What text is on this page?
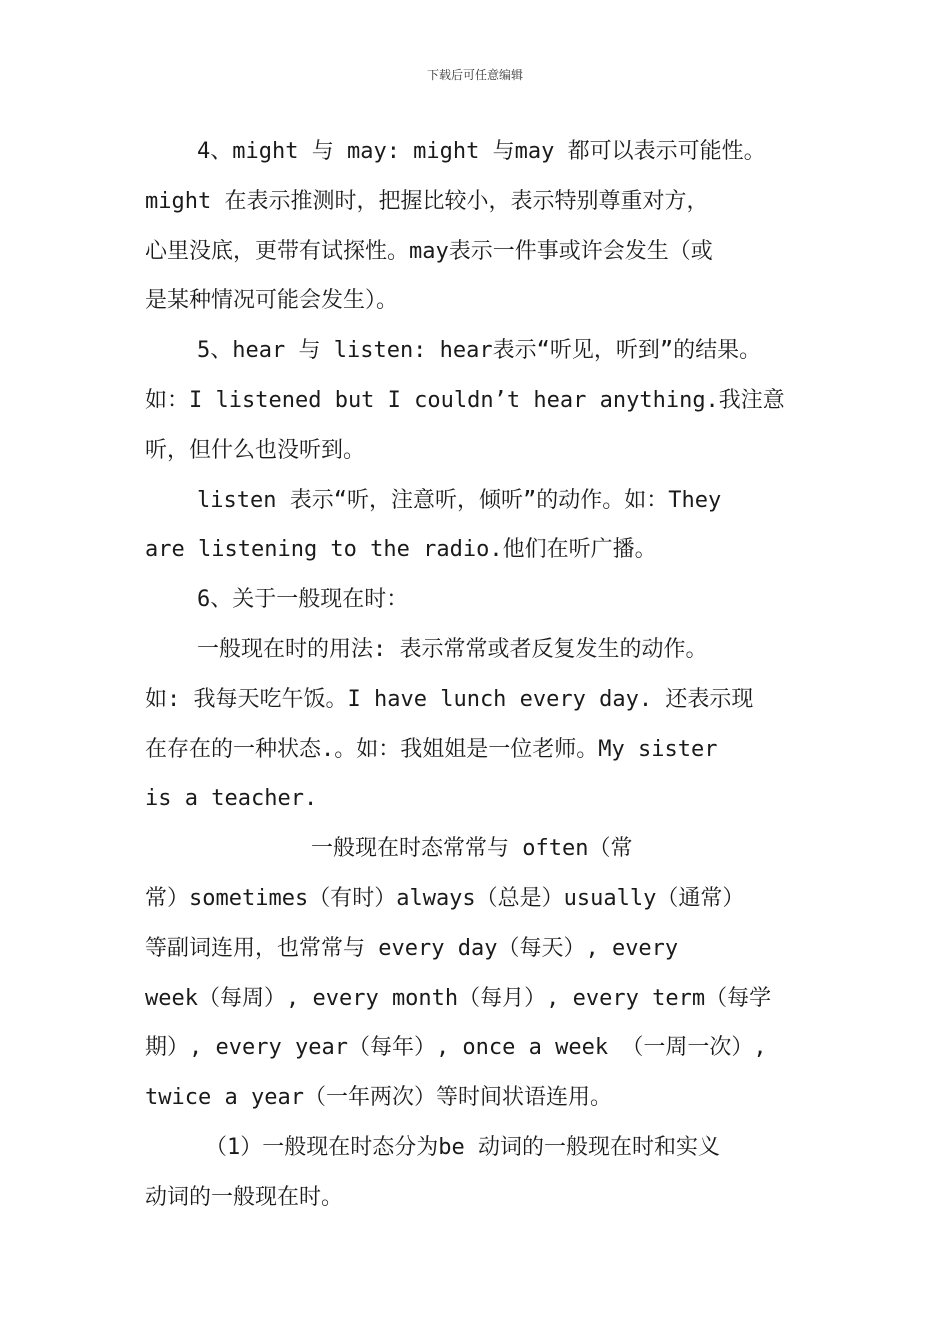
下载后可任意编辑
4、might 与 may: might 与may 都可以表示可能性。
might 在表示推测时，把握比较小，表示特别尊重对方，
心里没底，更带有试探性。may表示一件事或许会发生（或
是某种情况可能会发生）。
5、hear 与 listen: hear表示“听见，听到”的结果。
如：I listened but I couldn’t hear anything.我注意
听，但什么也没听到。
listen 表示“听，注意听，倾听”的动作。如：They
are listening to the radio.他们在听广播。
6、关于一般现在时：
一般现在时的用法: 表示常常或者反复发生的动作。
如: 我每天吃午饭。I have lunch every day. 还表示现
在存在的一种状态.。如：我姐姐是一位老师。My sister
is a teacher.
一般现在时态常常与 often（常
常）sometimes（有时）always（总是）usually（通常）
等副词连用，也常常与 every day（每天）, every
week（每周）, every month（每月）, every term（每学
期）, every year（每年）, once a week （一周一次）,
twice a year（一年两次）等时间状语连用。
（1）一般现在时态分为be 动词的一般现在时和实义
动词的一般现在时。
